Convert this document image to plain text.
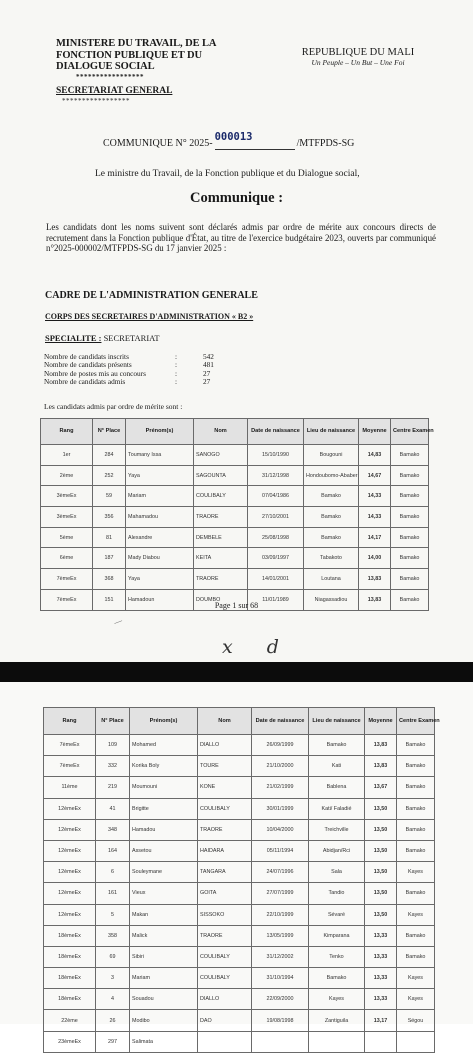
MINISTERE DU TRAVAIL, DE LA
FONCTION PUBLIQUE ET DU
DIALOGUE SOCIAL
*****************
SECRETARIAT GENERAL
*****************
REPUBLIQUE DU MALI
Un Peuple – Un But – Une Foi
COMMUNIQUE N° 2025-000013/MTFPDS-SG
Le ministre du Travail, de la Fonction publique et du Dialogue social,
Communique :
Les candidats dont les noms suivent sont déclarés admis par ordre de mérite aux concours directs de recrutement dans la Fonction publique d'État, au titre de l'exercice budgétaire 2023, ouverts par communiqué n°2025-000002/MTFPDS-SG du 17 janvier 2025 :
CADRE DE L'ADMINISTRATION GENERALE
CORPS DES SECRETAIRES D'ADMINISTRATION « B2 »
SPECIALITE : SECRETARIAT
Nombre de candidats inscrits	:	542
Nombre de candidats présents	:	481
Nombre de postes mis au concours	:	27
Nombre de candidats admis	:	27
Les candidats admis par ordre de mérite sont :
Rang	N° Place	Prénom(s)	Nom	Date de naissance	Lieu de naissance	Moyenne	Centre Examen
1er	284	Toumany Issa	SANOGO	15/10/1990	Bougouni	14,83	Bamako
2ème	252	Yaya	SAGOUNTA	31/12/1998	Hondoubomo-Ababer	14,67	Bamako
3èmeEx	59	Mariam	COULIBALY	07/04/1986	Bamako	14,33	Bamako
3èmeEx	356	Mahamadou	TRAORE	27/10/2001	Bamako	14,33	Bamako
5ème	81	Alexandre	DEMBELE	25/08/1998	Bamako	14,17	Bamako
6ème	187	Mady Diabou	KEITA	03/09/1997	Tabakoto	14,00	Bamako
7èmeEx	368	Yaya	TRAORE	14/01/2001	Loutana	13,83	Bamako
7èmeEx	151	Hamadoun	DOUMBO	11/01/1989	Niagassadiou	13,83	Bamako
Page 1 sur 68
—
x d
Rang	N° Place	Prénom(s)	Nom	Date de naissance	Lieu de naissance	Moyenne	Centre Examen
7èmeEx	109	Mohamed	DIALLO	26/09/1999	Bamako	13,83	Bamako
7èmeEx	332	Korika Boly	TOURE	21/10/2000	Kati	13,83	Bamako
11ème	219	Moumouni	KONE	21/02/1999	Bablena	13,67	Bamako
12èmeEx	41	Brigitte	COULIBALY	30/01/1999	Kati/ Faladié	13,50	Bamako
12èmeEx	348	Hamadou	TRAORE	10/04/2000	Treichville	13,50	Bamako
12èmeEx	164	Assetou	HAIDARA	05/11/1994	Abidjan/Rci	13,50	Bamako
12èmeEx	6	Souleymane	TANGARA	24/07/1996	Sala	13,50	Kayes
12èmeEx	161	Vieux	GOITA	27/07/1999	Tandio	13,50	Bamako
12èmeEx	5	Makan	SISSOKO	22/10/1999	Sévaré	13,50	Kayes
18èmeEx	358	Malick	TRAORE	13/05/1999	Kimparana	13,33	Bamako
18èmeEx	69	Sibiri	COULIBALY	31/12/2002	Tenko	13,33	Bamako
18èmeEx	3	Mariam	COULIBALY	31/10/1994	Bamako	13,33	Kayes
18èmeEx	4	Souadou	DIALLO	22/09/2000	Kayes	13,33	Kayes
22ème	26	Modibo	DAO	19/08/1998	Zantiguila	13,17	Ségou
23èmeEx	297	Salimata					
